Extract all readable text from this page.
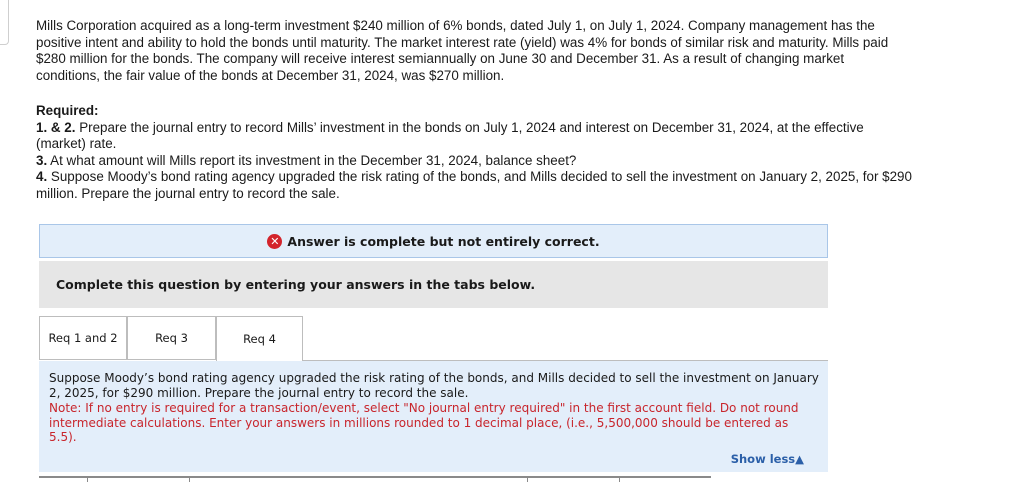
Mills Corporation acquired as a long-term investment $240 million of 6% bonds, dated July 1, on July 1, 2024. Company management has the positive intent and ability to hold the bonds until maturity. The market interest rate (yield) was 4% for bonds of similar risk and maturity. Mills paid $280 million for the bonds. The company will receive interest semiannually on June 30 and December 31. As a result of changing market conditions, the fair value of the bonds at December 31, 2024, was $270 million.

Required:

1. & 2. Prepare the journal entry to record Mills’ investment in the bonds on July 1, 2024 and interest on December 31, 2024, at the effective (market) rate.

3. At what amount will Mills report its investment in the December 31, 2024, balance sheet?

4. Suppose Moody’s bond rating agency upgraded the risk rating of the bonds, and Mills decided to sell the investment on January 2, 2025, for $290 million. Prepare the journal entry to record the sale.

✕ Answer is complete but not entirely correct.
Complete this question by entering your answers in the tabs below.
Req 1 and 2	Req 3	Req 4
Suppose Moody’s bond rating agency upgraded the risk rating of the bonds, and Mills decided to sell the investment on January 2, 2025, for $290 million. Prepare the journal entry to record the sale.
Note: If no entry is required for a transaction/event, select "No journal entry required" in the first account field. Do not round intermediate calculations. Enter your answers in millions rounded to 1 decimal place, (i.e., 5,500,000 should be entered as 5.5).
Show less▲
